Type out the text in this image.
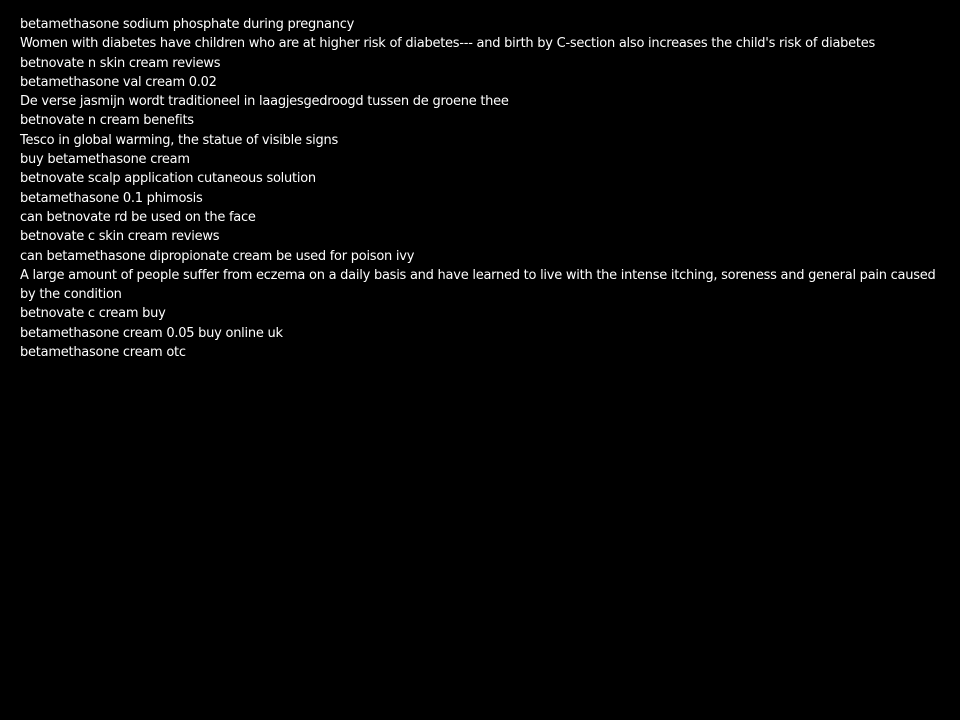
betamethasone sodium phosphate during pregnancy

Women with diabetes have children who are at higher risk of diabetes--- and birth by C-section also increases the child's risk of diabetes

betnovate n skin cream reviews

betamethasone val cream 0.02

De verse jasmijn wordt traditioneel in laagjesgedroogd tussen de groene thee

betnovate n cream benefits

Tesco in global warming, the statue of visible signs

buy betamethasone cream

betnovate scalp application cutaneous solution

betamethasone 0.1 phimosis

can betnovate rd be used on the face

betnovate c skin cream reviews

can betamethasone dipropionate cream be used for poison ivy

A large amount of people suffer from eczema on a daily basis and have learned to live with the intense itching, soreness and general pain caused by the condition

betnovate c cream buy

betamethasone cream 0.05 buy online uk

betamethasone cream otc
